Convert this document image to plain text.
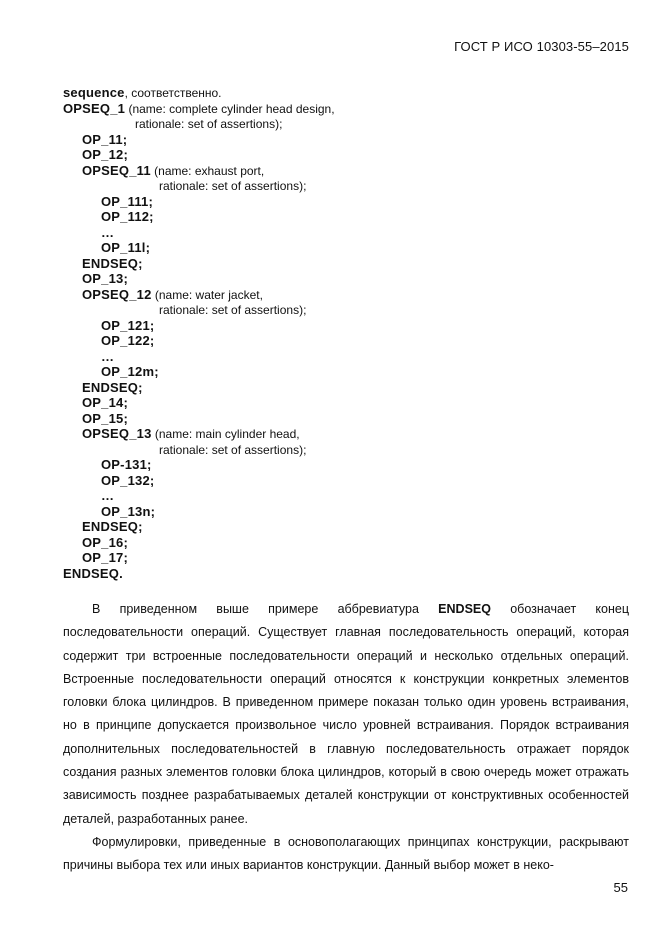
ГОСТ Р ИСО 10303-55–2015
sequence, соответственно.
OPSEQ_1 (name: complete cylinder head design,
rationale: set of assertions);
OP_11;
OP_12;
OPSEQ_11 (name: exhaust port,
rationale: set of assertions);
OP_111;
OP_112;
…
OP_11l;
ENDSEQ;
OP_13;
OPSEQ_12 (name: water jacket,
rationale: set of assertions);
OP_121;
OP_122;
…
OP_12m;
ENDSEQ;
OP_14;
OP_15;
OPSEQ_13 (name: main cylinder head,
rationale: set of assertions);
OP-131;
OP_132;
…
OP_13n;
ENDSEQ;
OP_16;
OP_17;
ENDSEQ.

В приведенном выше примере аббревиатура ENDSEQ обозначает конец последовательности операций. Существует главная последовательность операций, которая содержит три встроенные последовательности операций и несколько отдельных операций. Встроенные последовательности операций относятся к конструкции конкретных элементов головки блока цилиндров. В приведенном примере показан только один уровень встраивания, но в принципе допускается произвольное число уровней встраивания. Порядок встраивания дополнительных последовательностей в главную последовательность отражает порядок создания разных элементов головки блока цилиндров, который в свою очередь может отражать зависимость позднее разрабатываемых деталей конструкции от конструктивных особенностей деталей, разработанных ранее.

Формулировки, приведенные в основополагающих принципах конструкции, раскрывают причины выбора тех или иных вариантов конструкции. Данный выбор может в неко-

55
